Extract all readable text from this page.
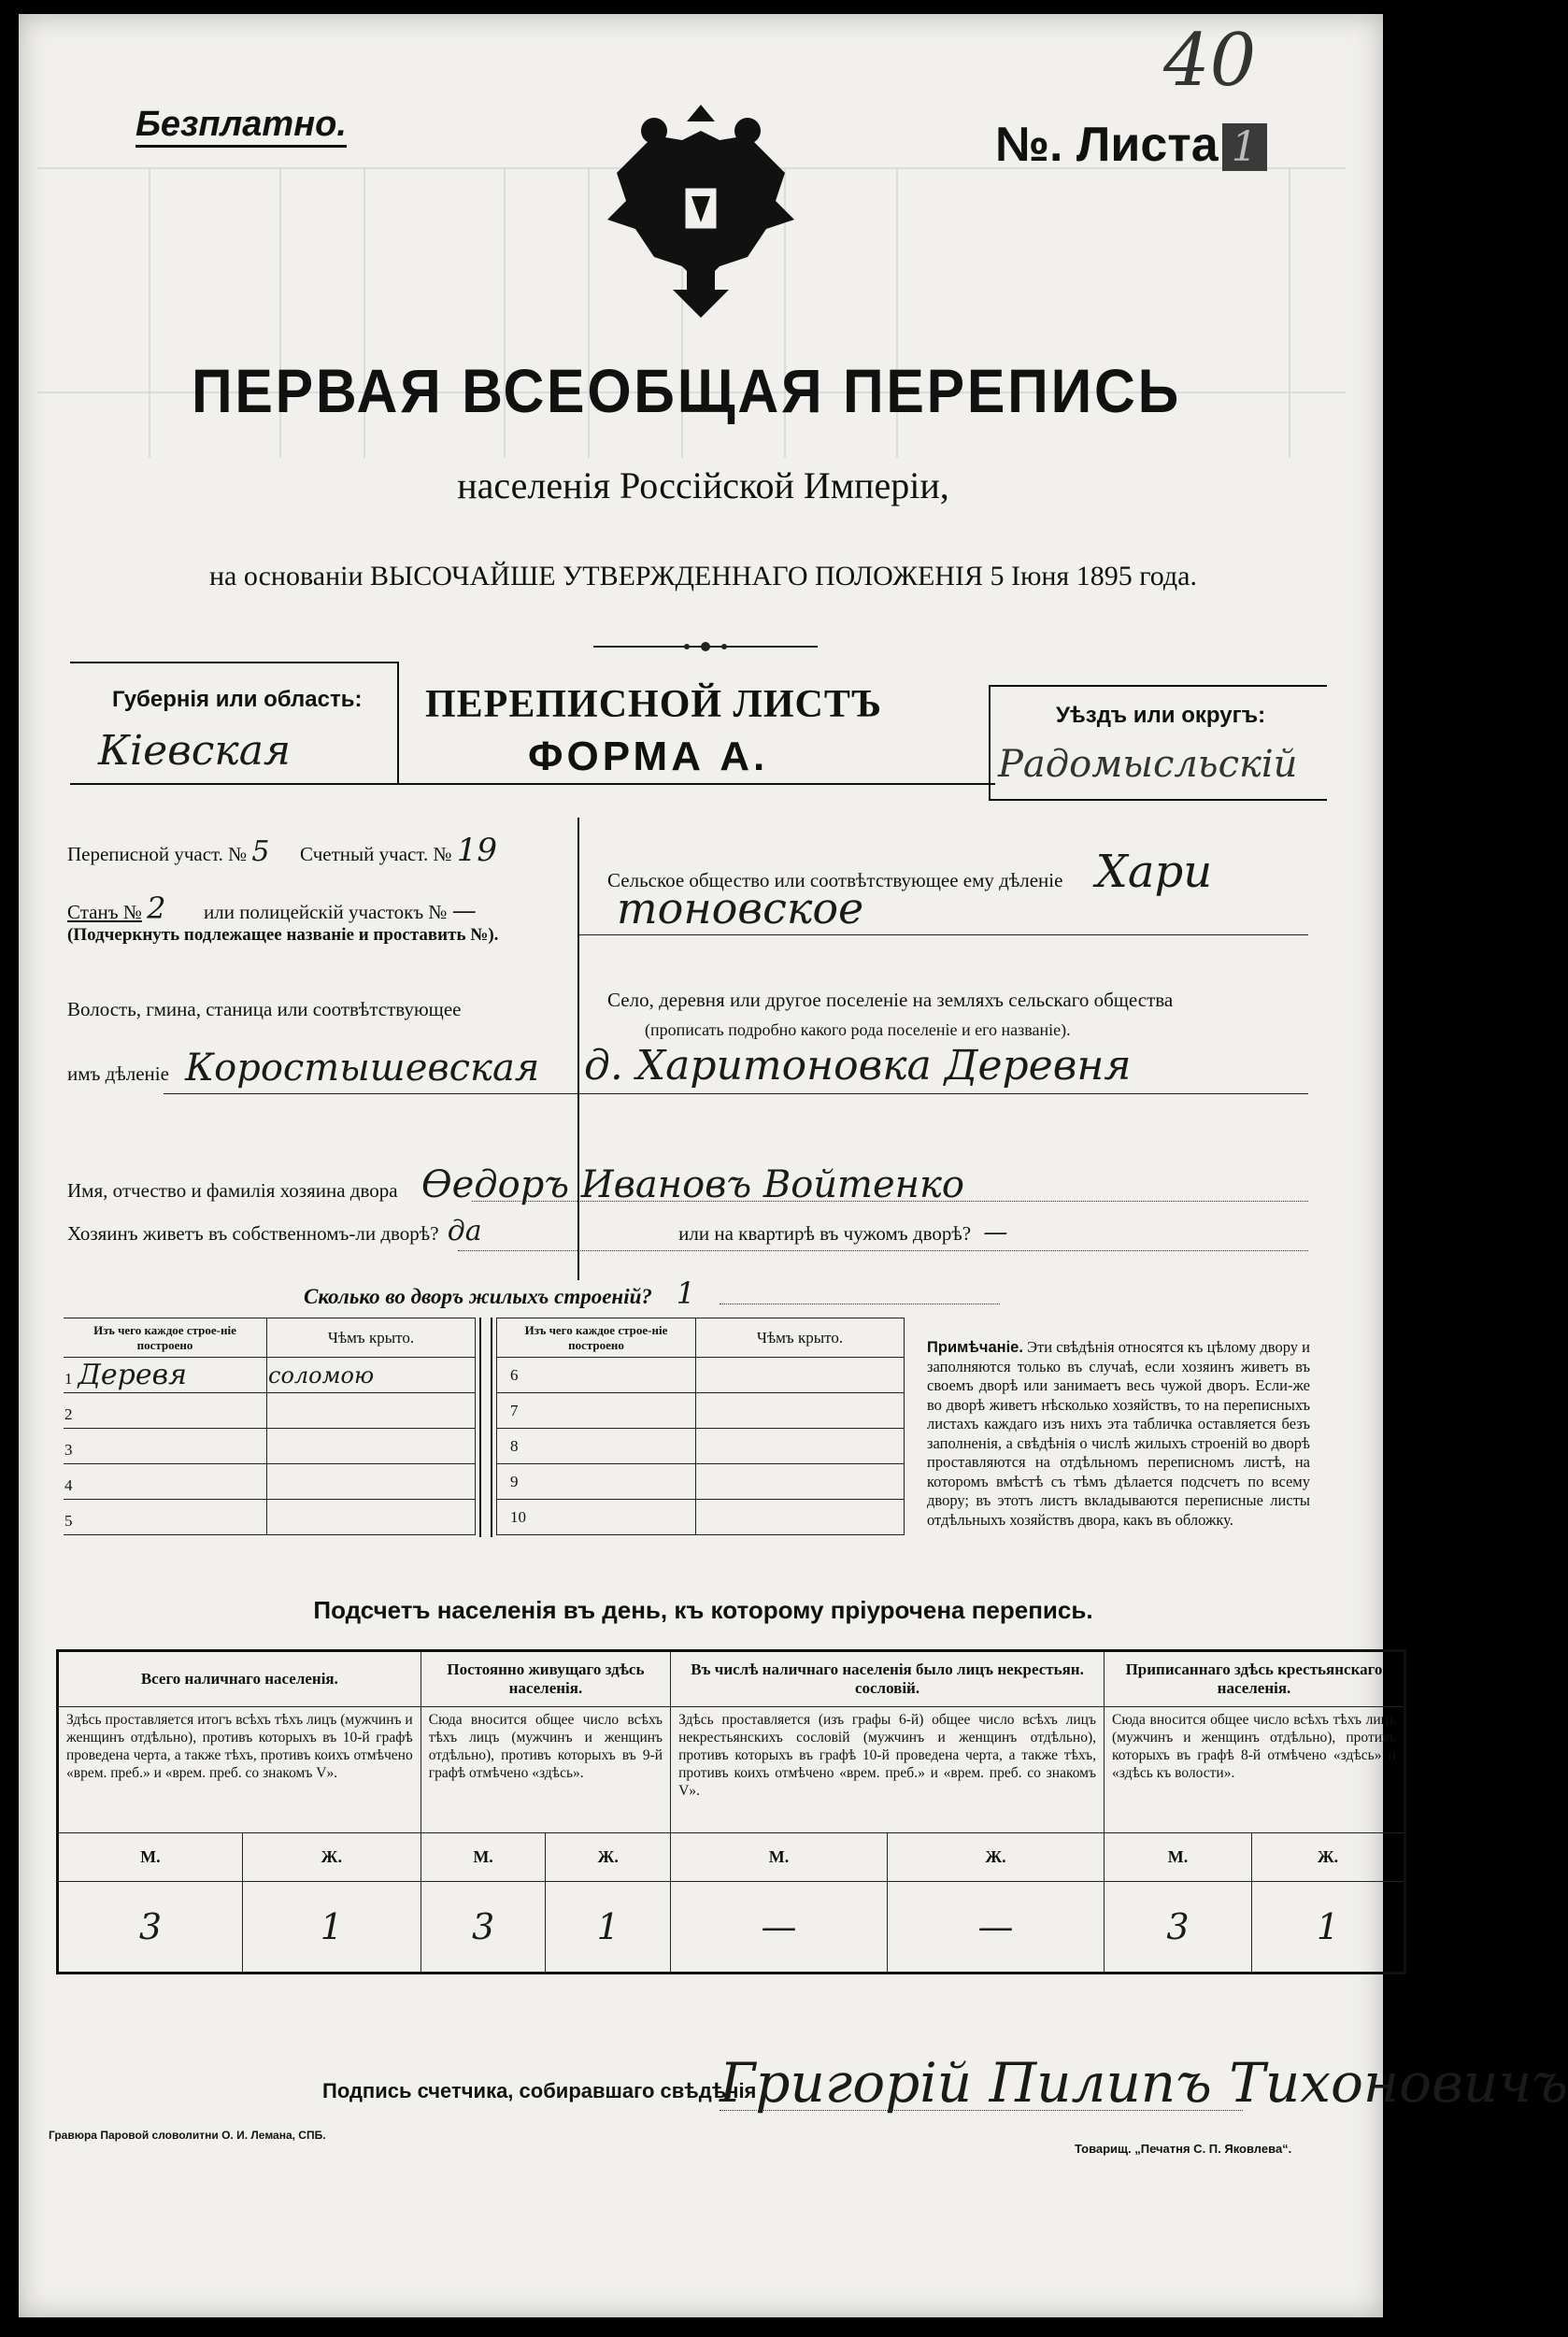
40
Безплатно.	№. Листа 1
ПЕРВАЯ ВСЕОБЩАЯ ПЕРЕПИСЬ
населенія Россійской Имперіи,
на основаніи ВЫСОЧАЙШЕ УТВЕРЖДЕННАГО ПОЛОЖЕНІЯ 5 Іюня 1895 года.
Губернія или область:
Кіевская
ПЕРЕПИСНОЙ ЛИСТЪ
ФОРМА А.
Уѣздъ или округъ:
Радомысльскій
Переписной участ. № 5 Счетный участ. № 19
Станъ № 2 или полицейскій участокъ № —
(Подчеркнуть подлежащее названіе и проставить №).
Волость, гмина, станица или соотвѣтствующее
имъ дѣленіе Коростышевская
Сельское общество или соотвѣтствующее ему дѣленіе Хари
тоновское
Село, деревня или другое поселеніе на земляхъ сельскаго общества
(прописать подробно какого рода поселеніе и его названіе).
д. Харитоновка Деревня
Имя, отчество и фамилія хозяина двора Өедоръ Ивановъ Войтенко
Хозяинъ живетъ въ собственномъ-ли дворѣ? да	или на квартирѣ въ чужомъ дворѣ? —
Сколько во дворъ жилыхъ строеній? 1
Изъ чего каждое строе-ніе построено	Чѣмъ крыто.
1 Деревя	соломою
2	
3	
4	
5	
Изъ чего каждое строе-ніе построено	Чѣмъ крыто.
6	
7	
8	
9	
10	
Примѣчаніе. Эти свѣдѣнія относятся къ цѣлому двору и заполняются только въ случаѣ, если хозяинъ живетъ въ своемъ дворѣ или занимаетъ весь чужой дворъ. Если-же во дворѣ живетъ нѣсколько хозяйствъ, то на переписныхъ листахъ каждаго изъ нихъ эта табличка оставляется безъ заполненія, а свѣдѣнія о числѣ жилыхъ строеній во дворѣ проставляются на отдѣльномъ переписномъ листѣ, на которомъ вмѣстѣ съ тѣмъ дѣлается подсчетъ по всему двору; въ этотъ листъ вкладываются переписные листы отдѣльныхъ хозяйствъ двора, какъ въ обложку.
Подсчетъ населенія въ день, къ которому пріурочена перепись.
Всего наличнаго населенія.		Постоянно живущаго здѣсь населенія.		Въ числѣ наличнаго населенія было лицъ некрестьян. сословій.		Приписаннаго здѣсь крестьянскаго населенія.	
Здѣсь проставляется итогъ всѣхъ тѣхъ лицъ (мужчинъ и женщинъ отдѣльно), противъ которыхъ въ 10-й графѣ проведена черта, а также тѣхъ, противъ коихъ отмѣчено «врем. преб.» и «врем. преб. со знакомъ V».		Сюда вносится общее число всѣхъ тѣхъ лицъ (мужчинъ и женщинъ отдѣльно), противъ которыхъ въ 9-й графѣ отмѣчено «здѣсь».		Здѣсь проставляется (изъ графы 6-й) общее число всѣхъ лицъ некрестьянскихъ сословій (мужчинъ и женщинъ отдѣльно), противъ которыхъ въ графѣ 10-й проведена черта, а также тѣхъ, противъ коихъ отмѣчено «врем. преб.» и «врем. преб. со знакомъ V».		Сюда вносится общее число всѣхъ тѣхъ лицъ (мужчинъ и женщинъ отдѣльно), противъ которыхъ въ графѣ 8-й отмѣчено «здѣсь» и «здѣсь къ волости».	
М.	Ж.	М.	Ж.	М.	Ж.	М.	Ж.
3	1	3	1	—	—	3	1
Подпись счетчика, собиравшаго свѣдѣнія
Григорій Пилипъ Тихоновичъ
Гравюра Паровой словолитни О. И. Лемана, СПБ.
Товарищ. „Печатня С. П. Яковлева“.
